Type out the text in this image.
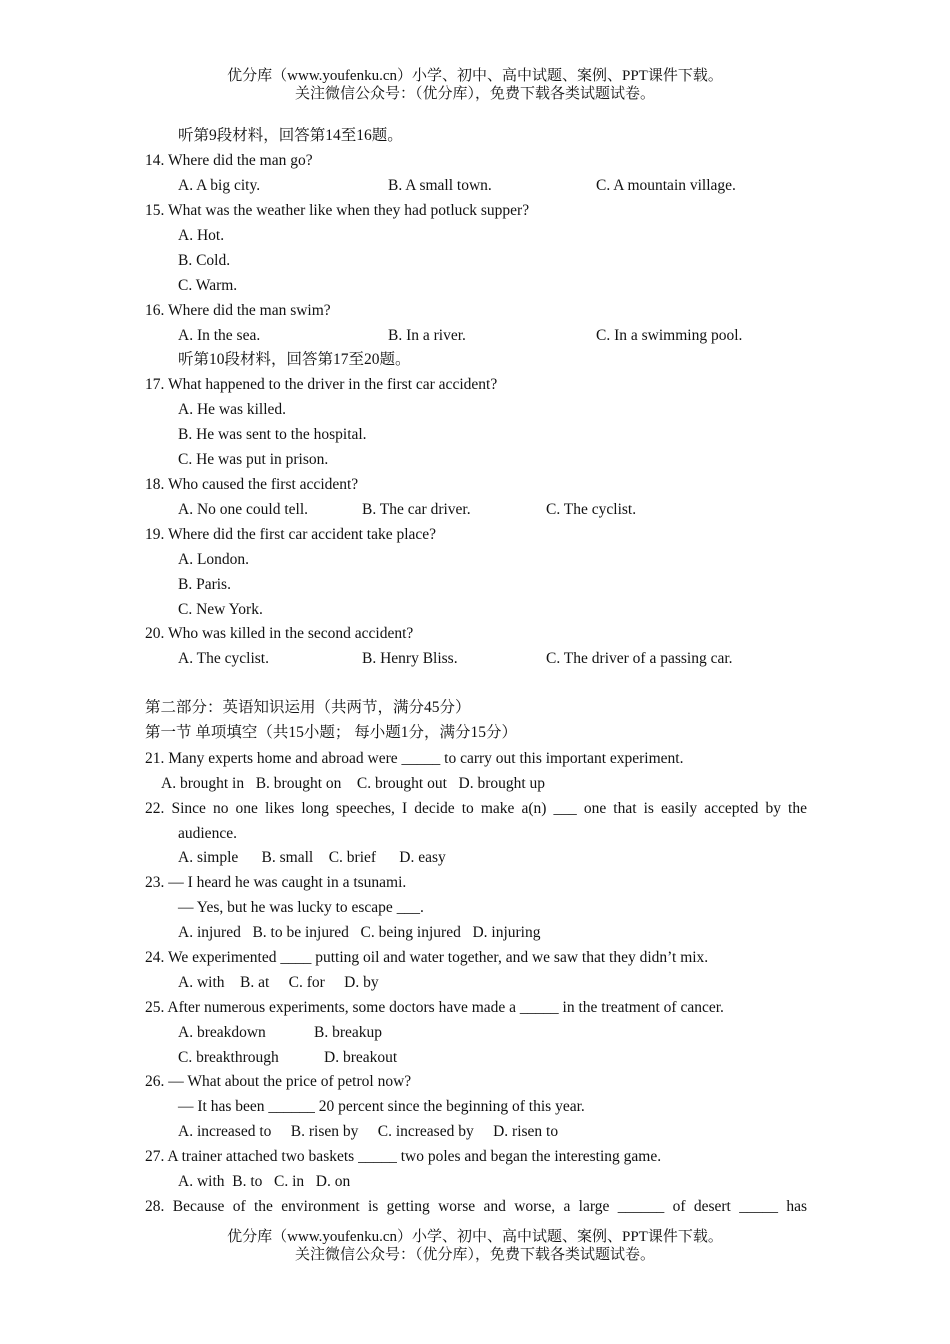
优分库（www.youfenku.cn）小学、初中、高中试题、案例、PPT课件下载。
关注微信公众号：（优分库），免费下载各类试题试卷。
听第9段材料，回答第14至16题。
14. Where did the man go?
A. A big city.	B. A small town.	C. A mountain village.
15. What was the weather like when they had potluck supper?
A. Hot.
B. Cold.
C. Warm.
16. Where did the man swim?
A. In the sea.	B. In a river.	C. In a swimming pool.
听第10段材料，回答第17至20题。
17. What happened to the driver in the first car accident?
A. He was killed.
B. He was sent to the hospital.
C. He was put in prison.
18. Who caused the first accident?
A. No one could tell.	B. The car driver.	C. The cyclist.
19. Where did the first car accident take place?
A. London.
B. Paris.
C. New York.
20. Who was killed in the second accident?
A. The cyclist.	B. Henry Bliss.	C. The driver of a passing car.
第二部分：英语知识运用（共两节，满分45分）
第一节 单项填空（共15小题； 每小题1分，满分15分）
21. Many experts home and abroad were _____ to carry out this important experiment.
A. brought in   B. brought on    C. brought out   D. brought up
22. Since no one likes long speeches, I decide to make a(n) ___ one that is easily accepted by the
audience.
A. simple      B. small    C. brief      D. easy
23. — I heard he was caught in a tsunami.
— Yes, but he was lucky to escape ___.
A. injured   B. to be injured   C. being injured   D. injuring
24. We experimented ____ putting oil and water together, and we saw that they didn’t mix.
A. with    B. at     C. for     D. by
25. After numerous experiments, some doctors have made a _____ in the treatment of cancer.
A. breakdown	B. breakup
C. breakthrough	D. breakout
26. — What about the price of petrol now?
— It has been ______ 20 percent since the beginning of this year.
A. increased to     B. risen by     C. increased by     D. risen to
27. A trainer attached two baskets _____ two poles and began the interesting game.
A. with  B. to   C. in   D. on
28. Because of the environment is getting worse and worse, a large ______ of desert _____ has
优分库（www.youfenku.cn）小学、初中、高中试题、案例、PPT课件下载。
关注微信公众号：（优分库），免费下载各类试题试卷。
